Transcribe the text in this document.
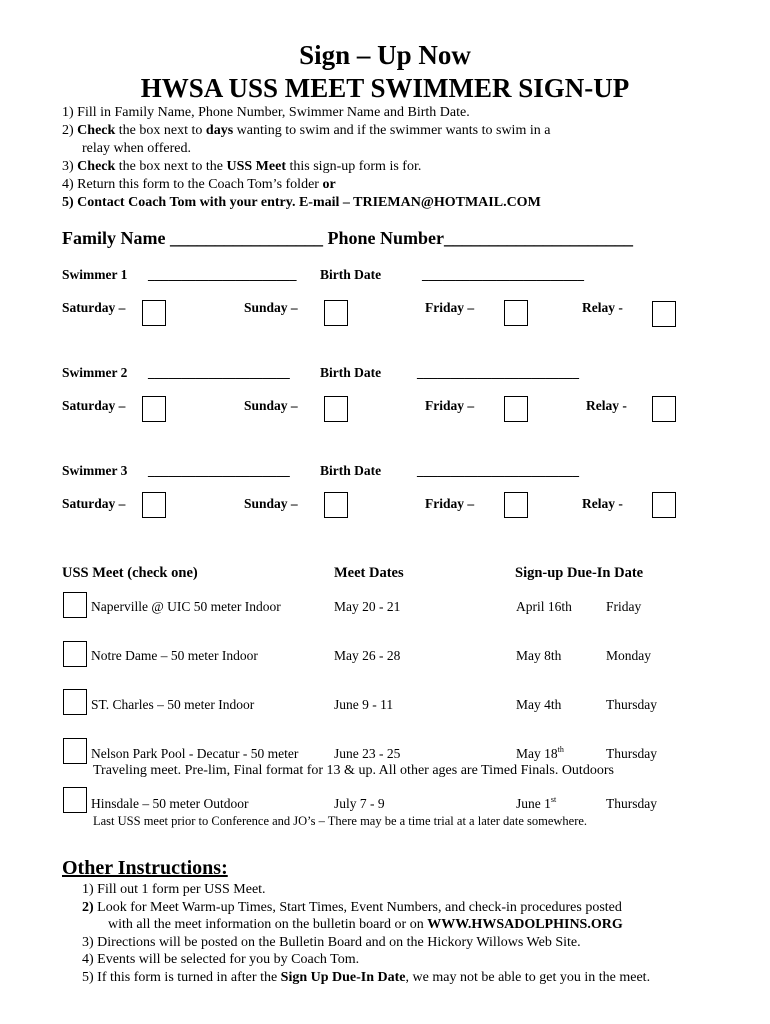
Sign – Up Now
HWSA USS MEET SWIMMER SIGN-UP
1) Fill in Family Name, Phone Number, Swimmer Name and Birth Date.
2) Check the box next to days wanting to swim and if the swimmer wants to swim in a
relay when offered.
3) Check the box next to the USS Meet this sign-up form is for.
4) Return this form to the Coach Tom’s folder or
5) Contact Coach Tom with your entry. E-mail – TRIEMAN@HOTMAIL.COM
Family Name _________________ Phone Number_____________________
Swimmer 1 ______________________ Birth Date	________________________
Saturday –	Sunday –	Friday –	Relay -
Swimmer 2 _____________________ Birth Date	________________________
Saturday –	Sunday –	Friday –	Relay -
Swimmer 3 _____________________ Birth Date	________________________
Saturday –	Sunday –	Friday –	Relay -
USS Meet (check one)	Meet Dates	Sign-up Due-In Date
Naperville @ UIC 50 meter Indoor	May 20 - 21	April 16th	Friday
Notre Dame – 50 meter Indoor	May 26 - 28	May 8th	Monday
ST. Charles – 50 meter Indoor	June 9 - 11	May 4th	Thursday
Nelson Park Pool - Decatur - 50 meter	June 23 - 25	May 18th	Thursday
Traveling meet. Pre-lim, Final format for 13 & up. All other ages are Timed Finals. Outdoors
Hinsdale – 50 meter Outdoor	July 7 - 9	June 1st	Thursday
Last USS meet prior to Conference and JO’s – There may be a time trial at a later date somewhere.
Other Instructions:
1) Fill out 1 form per USS Meet.
2) Look for Meet Warm-up Times, Start Times, Event Numbers, and check-in procedures posted
with all the meet information on the bulletin board or on WWW.HWSADOLPHINS.ORG
3) Directions will be posted on the Bulletin Board and on the Hickory Willows Web Site.
4) Events will be selected for you by Coach Tom.
5) If this form is turned in after the Sign Up Due-In Date, we may not be able to get you in the meet.
